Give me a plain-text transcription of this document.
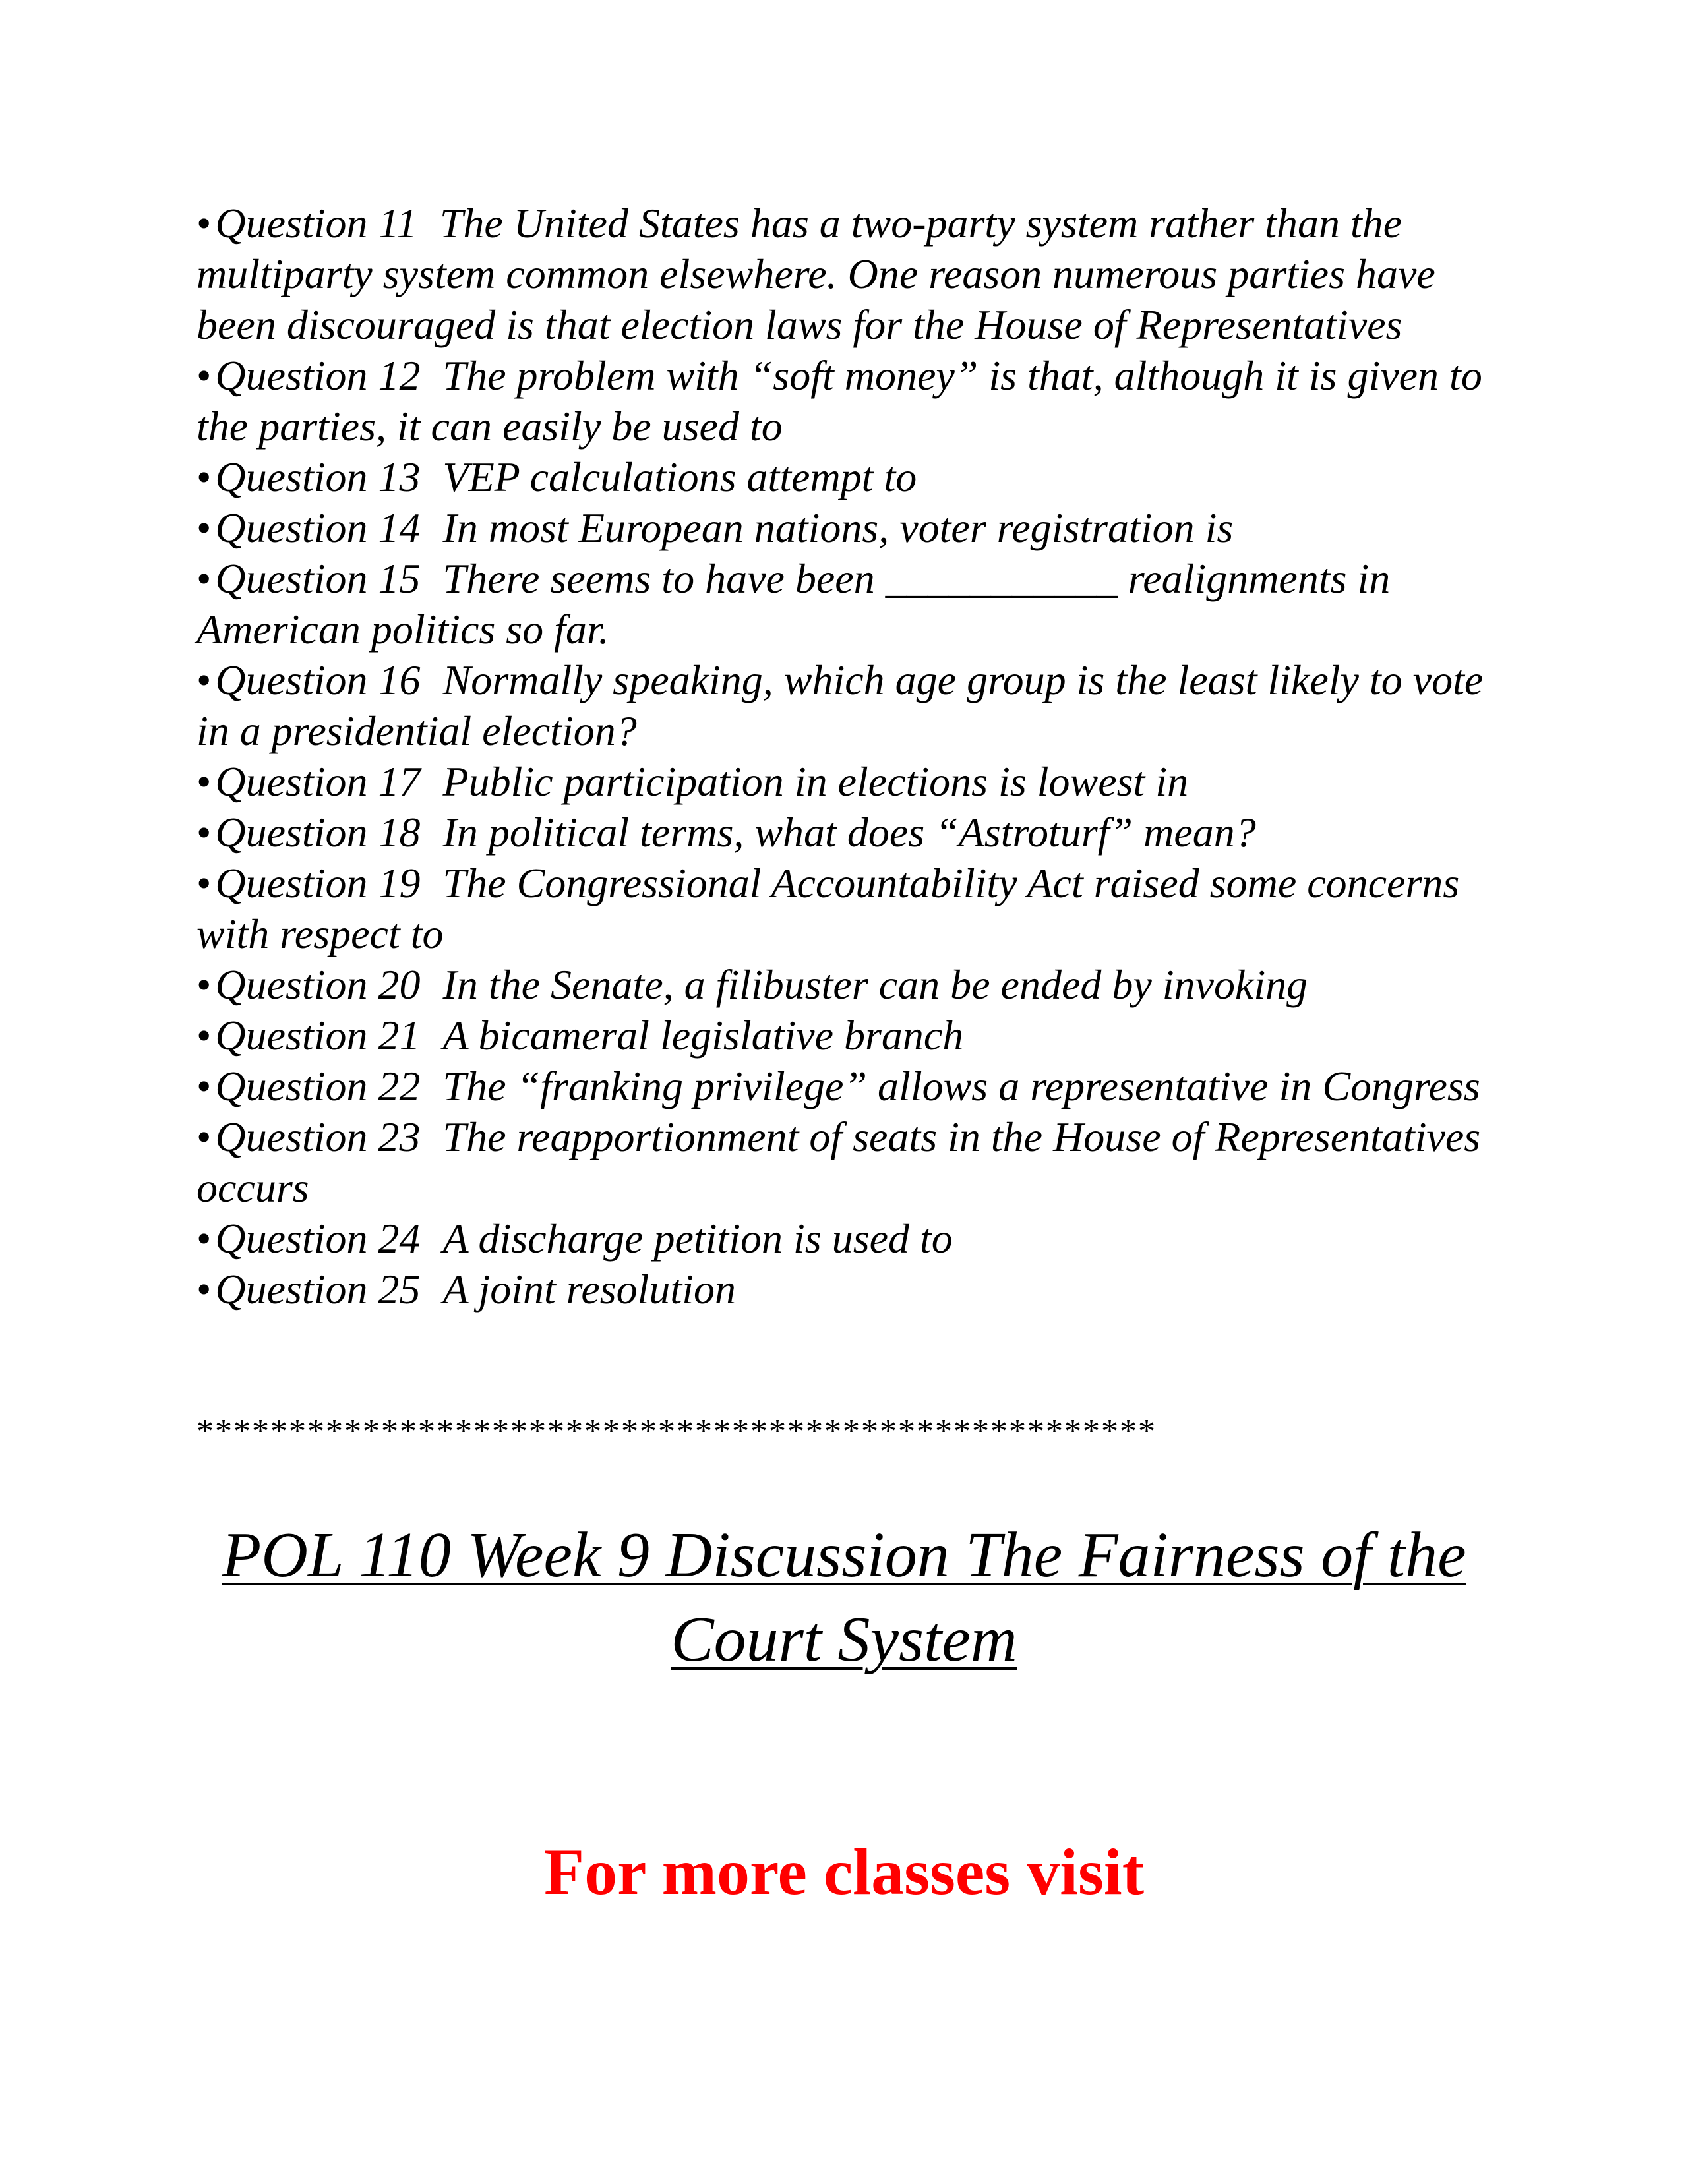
•Question 11 The United States has a two-party system rather than the multiparty system common elsewhere. One reason numerous parties have been discouraged is that election laws for the House of Representatives
•Question 12 The problem with “soft money” is that, although it is given to the parties, it can easily be used to
•Question 13 VEP calculations attempt to
•Question 14 In most European nations, voter registration is
•Question 15 There seems to have been ___________ realignments in American politics so far.
•Question 16 Normally speaking, which age group is the least likely to vote in a presidential election?
•Question 17 Public participation in elections is lowest in
•Question 18 In political terms, what does “Astroturf” mean?
•Question 19 The Congressional Accountability Act raised some concerns with respect to
•Question 20 In the Senate, a filibuster can be ended by invoking
•Question 21 A bicameral legislative branch
•Question 22 The “franking privilege” allows a representative in Congress
•Question 23 The reapportionment of seats in the House of Representatives occurs
•Question 24 A discharge petition is used to
•Question 25 A joint resolution
****************************************************
POL 110 Week 9 Discussion The Fairness of the Court System

For more classes visit
